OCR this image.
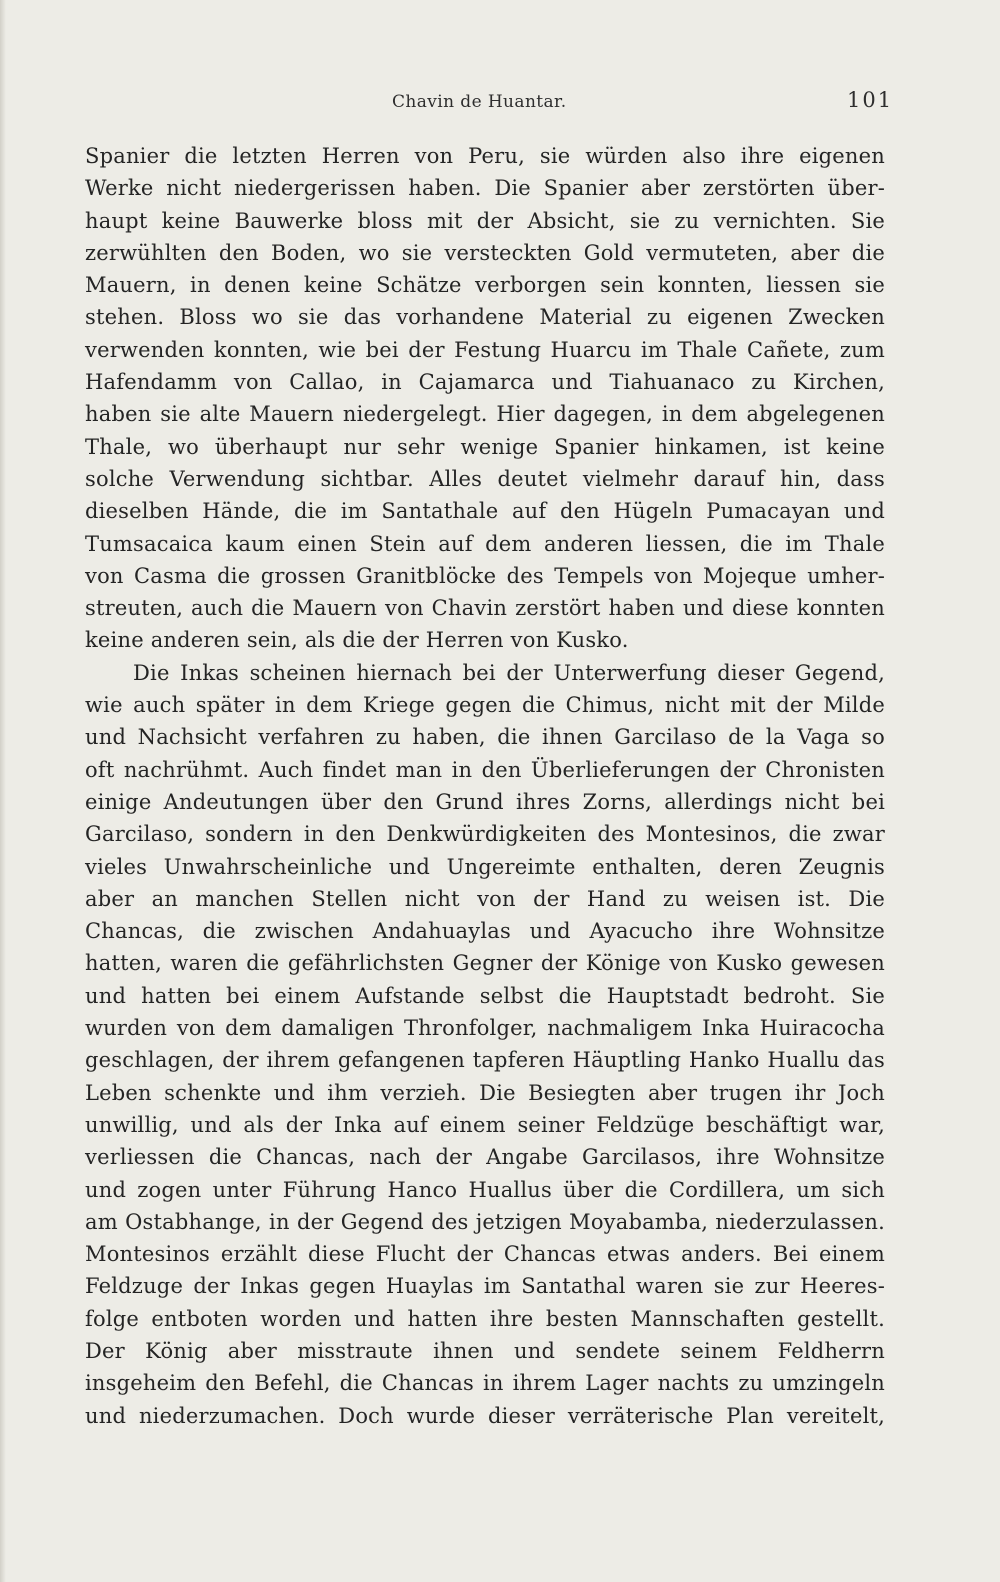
Chavin de Huantar.	101
Spanier die letzten Herren von Peru, sie würden also ihre eigenen
Werke nicht niedergerissen haben. Die Spanier aber zerstörten über-
haupt keine Bauwerke bloss mit der Absicht, sie zu vernichten. Sie
zerwühlten den Boden, wo sie versteckten Gold vermuteten, aber die
Mauern, in denen keine Schätze verborgen sein konnten, liessen sie
stehen. Bloss wo sie das vorhandene Material zu eigenen Zwecken
verwenden konnten, wie bei der Festung Huarcu im Thale Cañete, zum
Hafendamm von Callao, in Cajamarca und Tiahuanaco zu Kirchen,
haben sie alte Mauern niedergelegt. Hier dagegen, in dem abgelegenen
Thale, wo überhaupt nur sehr wenige Spanier hinkamen, ist keine
solche Verwendung sichtbar. Alles deutet vielmehr darauf hin, dass
dieselben Hände, die im Santathale auf den Hügeln Pumacayan und
Tumsacaica kaum einen Stein auf dem anderen liessen, die im Thale
von Casma die grossen Granitblöcke des Tempels von Mojeque umher-
streuten, auch die Mauern von Chavin zerstört haben und diese konnten
keine anderen sein, als die der Herren von Kusko.
Die Inkas scheinen hiernach bei der Unterwerfung dieser Gegend,
wie auch später in dem Kriege gegen die Chimus, nicht mit der Milde
und Nachsicht verfahren zu haben, die ihnen Garcilaso de la Vaga so
oft nachrühmt. Auch findet man in den Überlieferungen der Chronisten
einige Andeutungen über den Grund ihres Zorns, allerdings nicht bei
Garcilaso, sondern in den Denkwürdigkeiten des Montesinos, die zwar
vieles Unwahrscheinliche und Ungereimte enthalten, deren Zeugnis
aber an manchen Stellen nicht von der Hand zu weisen ist. Die
Chancas, die zwischen Andahuaylas und Ayacucho ihre Wohnsitze
hatten, waren die gefährlichsten Gegner der Könige von Kusko gewesen
und hatten bei einem Aufstande selbst die Hauptstadt bedroht. Sie
wurden von dem damaligen Thronfolger, nachmaligem Inka Huiracocha
geschlagen, der ihrem gefangenen tapferen Häuptling Hanko Huallu das
Leben schenkte und ihm verzieh. Die Besiegten aber trugen ihr Joch
unwillig, und als der Inka auf einem seiner Feldzüge beschäftigt war,
verliessen die Chancas, nach der Angabe Garcilasos, ihre Wohnsitze
und zogen unter Führung Hanco Huallus über die Cordillera, um sich
am Ostabhange, in der Gegend des jetzigen Moyabamba, niederzulassen.
Montesinos erzählt diese Flucht der Chancas etwas anders. Bei einem
Feldzuge der Inkas gegen Huaylas im Santathal waren sie zur Heeres-
folge entboten worden und hatten ihre besten Mannschaften gestellt.
Der König aber misstraute ihnen und sendete seinem Feldherrn
insgeheim den Befehl, die Chancas in ihrem Lager nachts zu umzingeln
und niederzumachen. Doch wurde dieser verräterische Plan vereitelt,
